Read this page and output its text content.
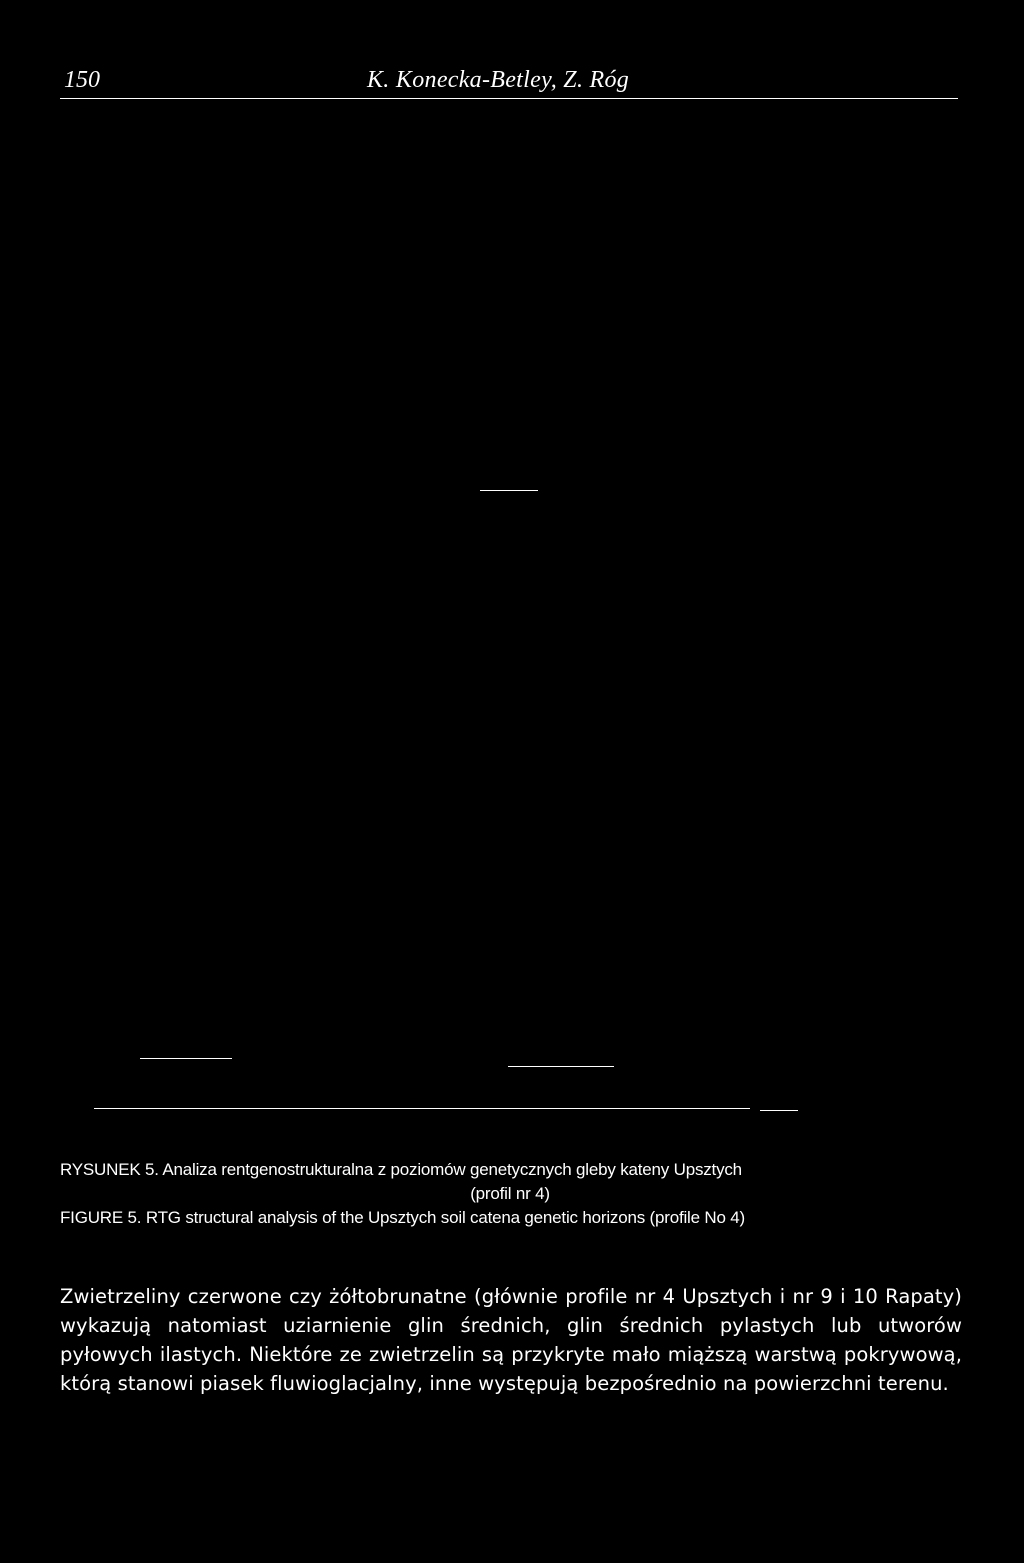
150	K. Konecka-Betley, Z. Róg
RYSUNEK 5. Analiza rentgenostrukturalna z poziomów genetycznych gleby kateny Upsztych
(profil nr 4)
FIGURE 5. RTG structural analysis of the Upsztych soil catena genetic horizons (profile No 4)

Zwietrzeliny czerwone czy żółtobrunatne (głównie profile nr 4 Upsztych i nr 9 i 10 Rapaty) wykazują natomiast uziarnienie glin średnich, glin średnich pylastych lub utworów pyłowych ilastych. Niektóre ze zwietrzelin są przykryte mało miąższą warstwą pokrywową, którą stanowi piasek fluwioglacjalny, inne występują bezpośrednio na powierzchni terenu.
